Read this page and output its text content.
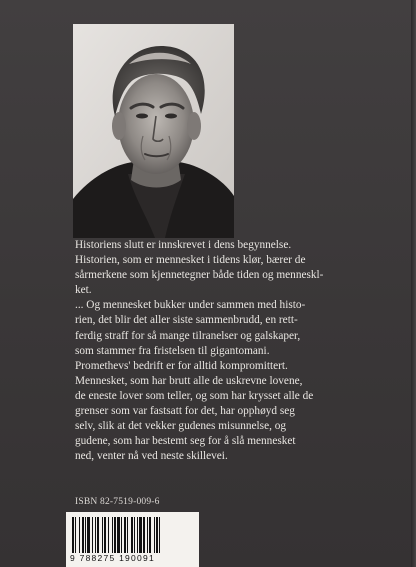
Historiens slutt er innskrevet i dens begynnelse.
Historien, som er mennesket i tidens klør, bærer de
sårmerkene som kjennetegner både tiden og menneskl-
ket.

... Og mennesket bukker under sammen med histo-
rien, det blir det aller siste sammenbrudd, en rett-
ferdig straff for så mange tilranelser og galskaper,
som stammer fra fristelsen til gigantomani.
Promethevs' bedrift er for alltid kompromittert.
Mennesket, som har brutt alle de uskrevne lovene,
de eneste lover som teller, og som har krysset alle de
grenser som var fastsatt for det, har opphøyd seg
selv, slik at det vekker gudenes misunnelse, og
gudene, som har bestemt seg for å slå mennesket
ned, venter nå ved neste skillevei.

ISBN 82-7519-009-6
9 788275 190091
